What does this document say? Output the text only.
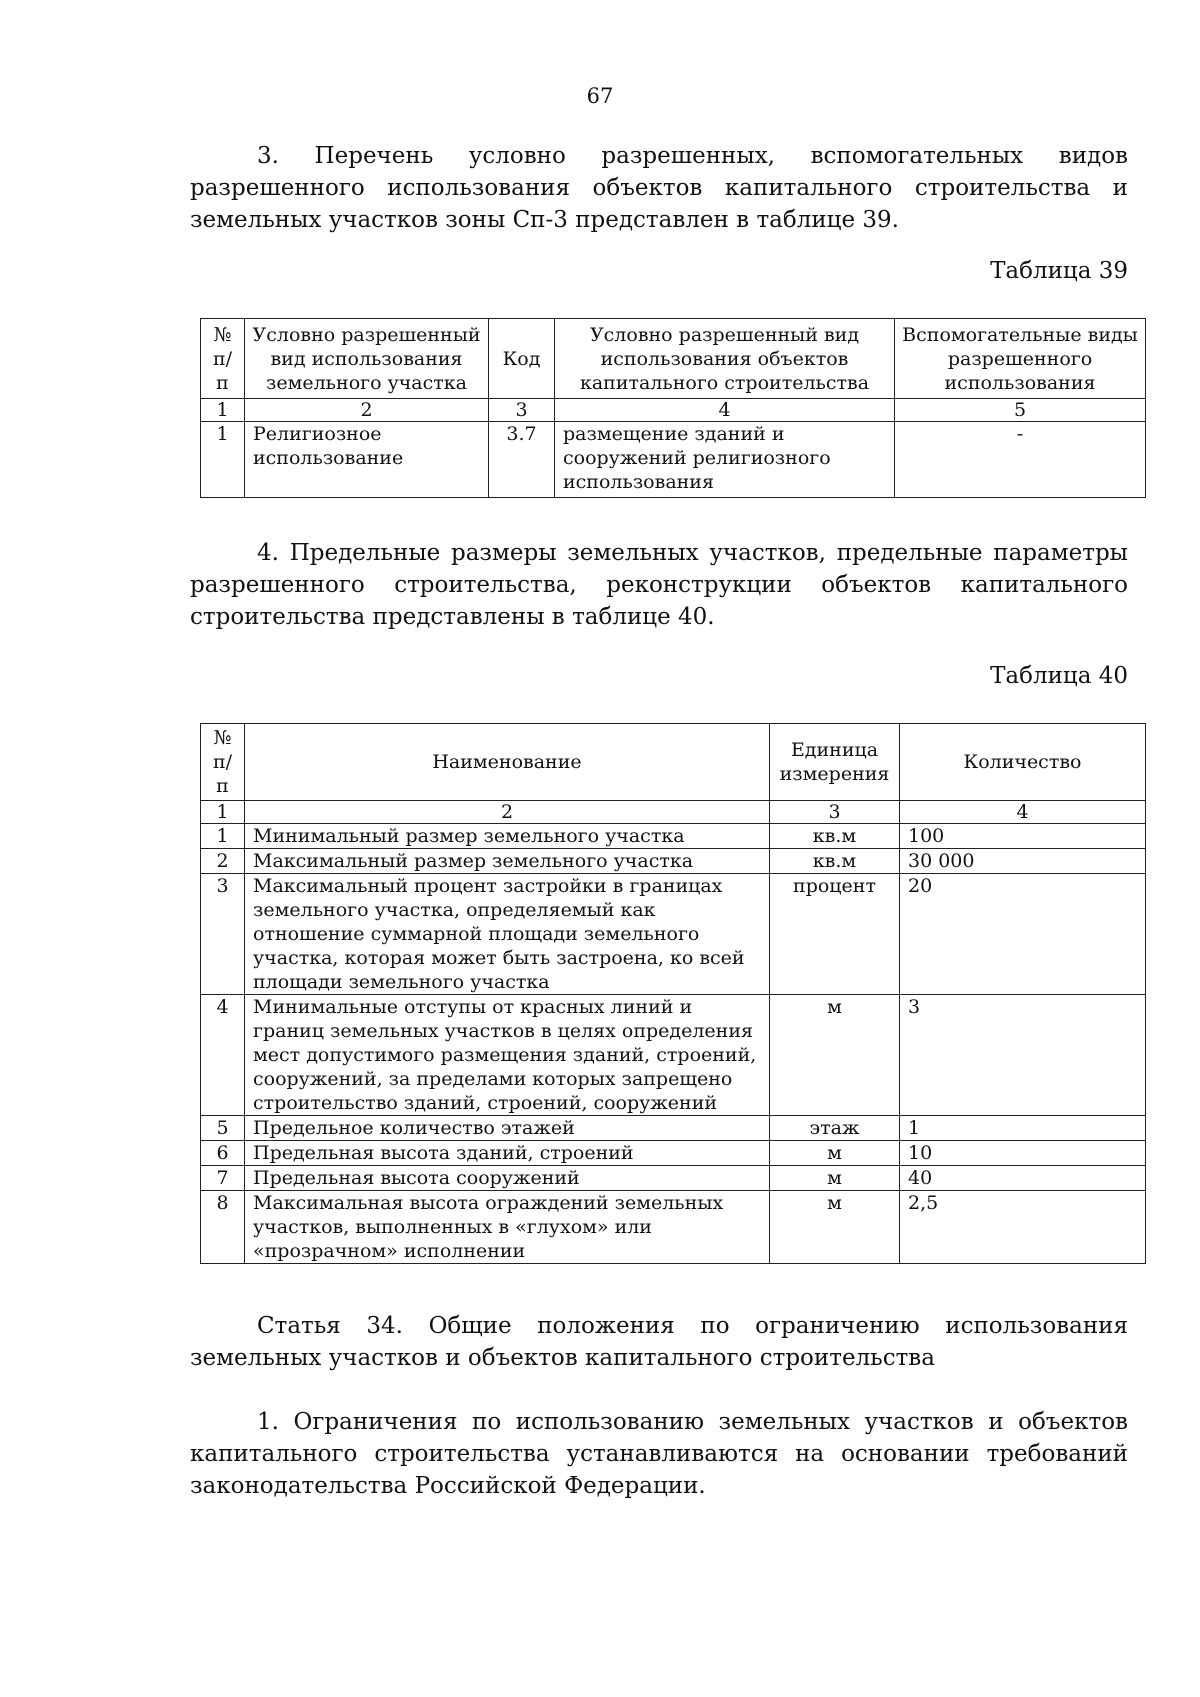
67

3. Перечень условно разрешенных, вспомогательных видов разрешенного использования объектов капитального строительства и земельных участков зоны Сп-3 представлен в таблице 39.

Таблица 39
№ п/п	Условно разрешенный вид использования земельного участка	Код	Условно разрешенный вид использования объектов капитального строительства	Вспомогательные виды разрешенного использования
1	2	3	4	5
1	Религиозное использование	3.7	размещение зданий и сооружений религиозного использования	-

4. Предельные размеры земельных участков, предельные параметры разрешенного строительства, реконструкции объектов капитального строительства представлены в таблице 40.

Таблица 40
№ п/п	Наименование	Единица измерения	Количество
1	2	3	4
1	Минимальный размер земельного участка	кв.м	100
2	Максимальный размер земельного участка	кв.м	30 000
3	Максимальный процент застройки в границах земельного участка, определяемый как отношение суммарной площади земельного участка, которая может быть застроена, ко всей площади земельного участка	процент	20
4	Минимальные отступы от красных линий и границ земельных участков в целях определения мест допустимого размещения зданий, строений, сооружений, за пределами которых запрещено строительство зданий, строений, сооружений	м	3
5	Предельное количество этажей	этаж	1
6	Предельная высота зданий, строений	м	10
7	Предельная высота сооружений	м	40
8	Максимальная высота ограждений земельных участков, выполненных в «глухом» или «прозрачном» исполнении	м	2,5

Статья 34. Общие положения по ограничению использования земельных участков и объектов капитального строительства

1. Ограничения по использованию земельных участков и объектов капитального строительства устанавливаются на основании требований законодательства Российской Федерации.
